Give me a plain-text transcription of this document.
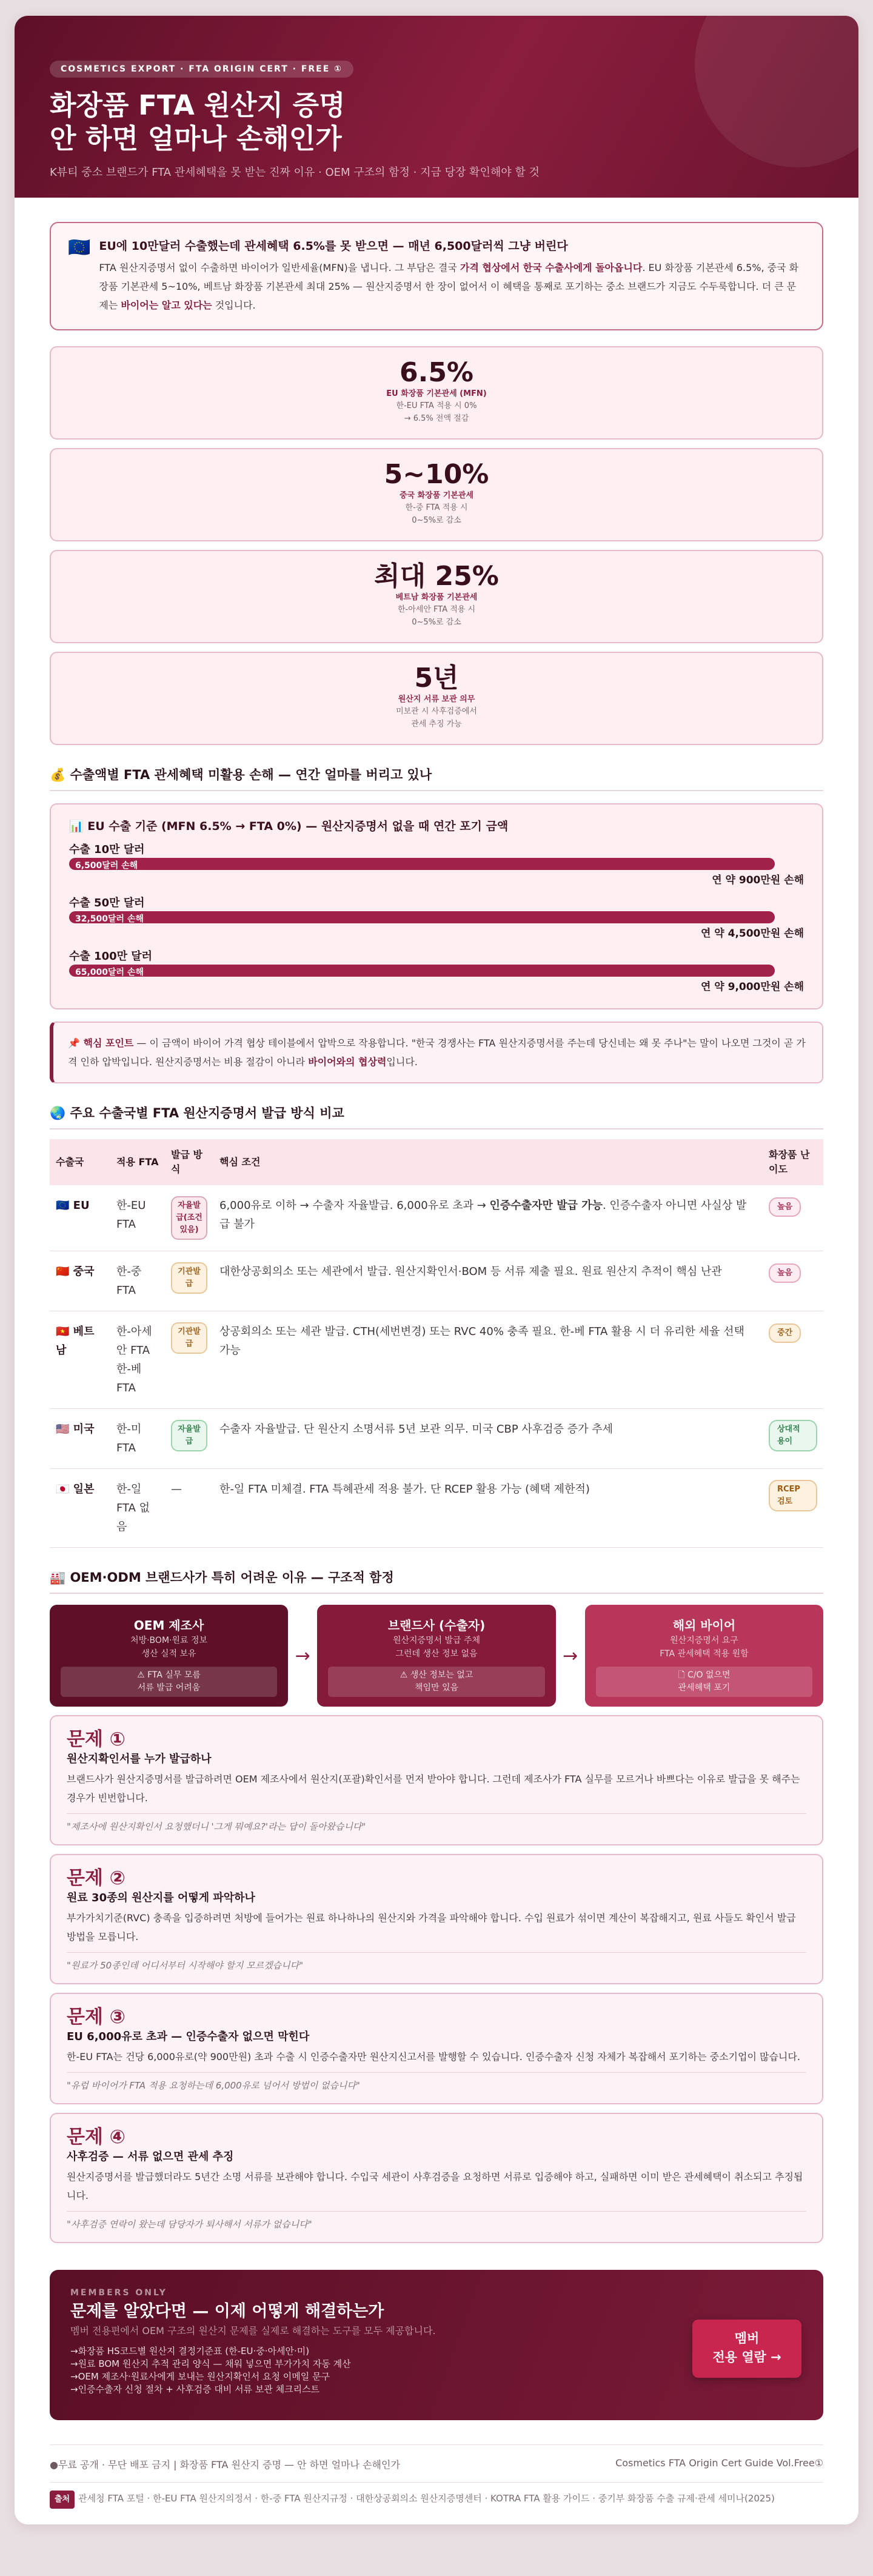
COSMETICS EXPORT · FTA ORIGIN CERT · FREE ①
화장품 FTA 원산지 증명
안 하면 얼마나 손해인가
K뷰티 중소 브랜드가 FTA 관세혜택을 못 받는 진짜 이유 · OEM 구조의 함정 · 지금 당장 확인해야 할 것
🇪🇺 EU에 10만달러 수출했는데 관세혜택 6.5%를 못 받으면 — 매년 6,500달러씩 그냥 버린다

FTA 원산지증명서 없이 수출하면 바이어가 일반세율(MFN)을 냅니다. 그 부담은 결국 가격 협상에서 한국 수출사에게 돌아옵니다. EU 화장품 기본관세 6.5%, 중국 화장품 기본관세 5~10%, 베트남 화장품 기본관세 최대 25% — 원산지증명서 한 장이 없어서 이 혜택을 통째로 포기하는 중소 브랜드가 지금도 수두룩합니다. 더 큰 문제는 바이어는 알고 있다는 것입니다.

6.5%
EU 화장품 기본관세 (MFN)
한-EU FTA 적용 시 0%
→ 6.5% 전액 절감
5~10%
중국 화장품 기본관세
한-중 FTA 적용 시
0~5%로 감소
최대 25%
베트남 화장품 기본관세
한-아세안 FTA 적용 시
0~5%로 감소
5년
원산지 서류 보관 의무
미보관 시 사후검증에서
관세 추징 가능
💰 수출액별 FTA 관세혜택 미활용 손해 — 연간 얼마를 버리고 있나
📊 EU 수출 기준 (MFN 6.5% → FTA 0%) — 원산지증명서 없을 때 연간 포기 금액
수출 10만 달러
6,500달러 손해
연 약 900만원 손해
수출 50만 달러
32,500달러 손해
연 약 4,500만원 손해
수출 100만 달러
65,000달러 손해
연 약 9,000만원 손해
📌 핵심 포인트 — 이 금액이 바이어 가격 협상 테이블에서 압박으로 작용합니다. "한국 경쟁사는 FTA 원산지증명서를 주는데 당신네는 왜 못 주나"는 말이 나오면 그것이 곧 가격 인하 압박입니다. 원산지증명서는 비용 절감이 아니라 바이어와의 협상력입니다.
🌏 주요 수출국별 FTA 원산지증명서 발급 방식 비교
수출국	적용 FTA	발급 방식	핵심 조건	화장품 난이도
🇪🇺 EU	한-EU FTA	자율발급(조건있음)	6,000유로 이하 → 수출자 자율발급. 6,000유로 초과 → 인증수출자만 발급 가능. 인증수출자 아니면 사실상 발급 불가	높음
🇨🇳 중국	한-중 FTA	기관발급	대한상공회의소 또는 세관에서 발급. 원산지확인서·BOM 등 서류 제출 필요. 원료 원산지 추적이 핵심 난관	높음
🇻🇳 베트남	한-아세안 FTA 한-베 FTA	기관발급	상공회의소 또는 세관 발급. CTH(세번변경) 또는 RVC 40% 충족 필요. 한-베 FTA 활용 시 더 유리한 세율 선택 가능	중간
🇺🇸 미국	한-미 FTA	자율발급	수출자 자율발급. 단 원산지 소명서류 5년 보관 의무. 미국 CBP 사후검증 증가 추세	상대적 용이
🇯🇵 일본	한-일 FTA 없음	—	한-일 FTA 미체결. FTA 특혜관세 적용 불가. 단 RCEP 활용 가능 (혜택 제한적)	RCEP 검토
🏭 OEM·ODM 브랜드사가 특히 어려운 이유 — 구조적 함정
OEM 제조사
처방·BOM·원료 정보
생산 실적 보유
⚠ FTA 실무 모름
서류 발급 어려움
→
브랜드사 (수출자)
원산지증명서 발급 주체
그런데 생산 정보 없음
⚠ 생산 정보는 없고
책임만 있음
→
해외 바이어
원산지증명서 요구
FTA 관세혜택 적용 원함
🗋 C/O 없으면
관세혜택 포기
문제 ①
원산지확인서를 누가 발급하나
브랜드사가 원산지증명서를 발급하려면 OEM 제조사에서 원산지(포괄)확인서를 먼저 받아야 합니다. 그런데 제조사가 FTA 실무를 모르거나 바쁘다는 이유로 발급을 못 해주는 경우가 빈번합니다.
"제조사에 원산지확인서 요청했더니 '그게 뭐예요?'라는 답이 돌아왔습니다"
문제 ②
원료 30종의 원산지를 어떻게 파악하나
부가가치기준(RVC) 충족을 입증하려면 처방에 들어가는 원료 하나하나의 원산지와 가격을 파악해야 합니다. 수입 원료가 섞이면 계산이 복잡해지고, 원료 사들도 확인서 발급 방법을 모릅니다.
"원료가 50종인데 어디서부터 시작해야 할지 모르겠습니다"
문제 ③
EU 6,000유로 초과 — 인증수출자 없으면 막힌다
한-EU FTA는 건당 6,000유로(약 900만원) 초과 수출 시 인증수출자만 원산지신고서를 발행할 수 있습니다. 인증수출자 신청 자체가 복잡해서 포기하는 중소기업이 많습니다.
"유럽 바이어가 FTA 적용 요청하는데 6,000유로 넘어서 방법이 없습니다"
문제 ④
사후검증 — 서류 없으면 관세 추징
원산지증명서를 발급했더라도 5년간 소명 서류를 보관해야 합니다. 수입국 세관이 사후검증을 요청하면 서류로 입증해야 하고, 실패하면 이미 받은 관세혜택이 취소되고 추징됩니다.
"사후검증 연락이 왔는데 담당자가 퇴사해서 서류가 없습니다"
MEMBERS ONLY
문제를 알았다면 — 이제 어떻게 해결하는가
멤버 전용편에서 OEM 구조의 원산지 문제를 실제로 해결하는 도구를 모두 제공합니다.
→화장품 HS코드별 원산지 결정기준표 (한-EU·중·아세안·미)
→원료 BOM 원산지 추적 관리 양식 — 채워 넣으면 부가가치 자동 계산
→OEM 제조사·원료사에게 보내는 원산지확인서 요청 이메일 문구
→인증수출자 신청 절차 + 사후검증 대비 서류 보관 체크리스트
멤버
전용 열람 →
●무료 공개 · 무단 배포 금지 | 화장품 FTA 원산지 증명 — 안 하면 얼마나 손해인가	Cosmetics FTA Origin Cert Guide Vol.Free①
출처 관세청 FTA 포털 · 한-EU FTA 원산지의정서 · 한-중 FTA 원산지규정 · 대한상공회의소 원산지증명센터 · KOTRA FTA 활용 가이드 · 중기부 화장품 수출 규제·관세 세미나(2025)
